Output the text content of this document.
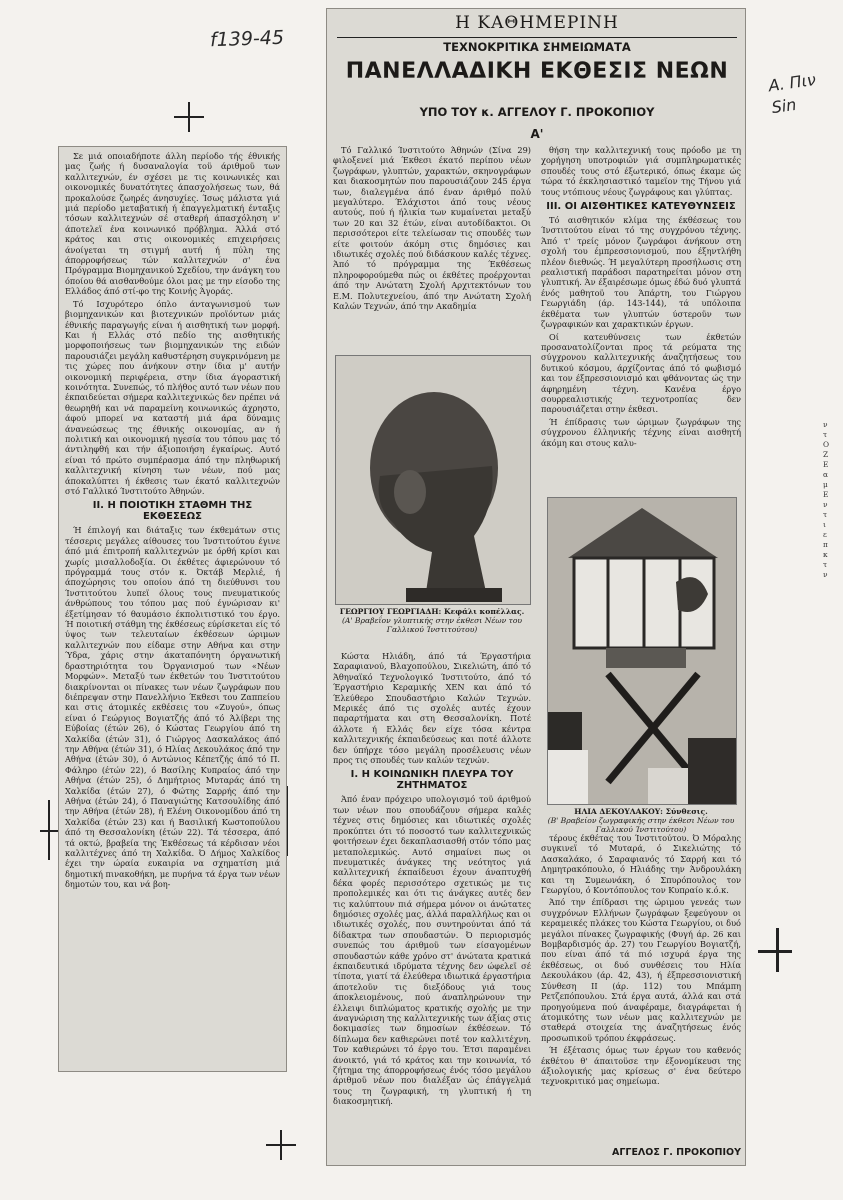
f139-45
Α. Πιν
Sin

Σε μιά οποιαδήποτε άλλη περίοδο τής έθνικής μας ζωής ή δυσαναλογία τοϋ άριθμοϋ των καλλιτεχνών, έν σχέσει με τις κοινωνικές και οικονομικές δυνατότητες άπασχολήσεως των, θά προκαλούσε ζωηρές άνησυχίες. Ίσως μάλιστα γιά μιά περίοδο μεταβατική ή έπαγγελματική ένταξις τόσων καλλιτεχνών σέ σταθερή άπασχόληση ν' άποτελεϊ ένα κοινωνικό πρόβλημα. Άλλά στό κράτος και στις οικονομικές επιχειρήσεις άνοίγεται τη στιγμή αυτή ή πύλη της άπορροφήσεως τών καλλιτεχνών σ' ένα Πρόγραμμα Βιομηχανικού Σχεδίου, την άνάγκη του όποίου θά αισθανθούμε όλοι μας με την είσοδο της Ελλάδος άπό στί-φο της Κοινής Άγοράς.

Τό Ισχυρότερο όπλο άνταγωνισμού των βιομηχανικών και βιοτεχνικών προϊόντων μιάς έθνικής παραγωγής είναι ή αισθητική των μορφή. Και ή Ελλάς στό πεδίο της αισθητικής μορφοποιήσεως των βιομηχανικών της ειδών παρουσιάζει μεγάλη καθυστέρηση συγκρινόμενη με τις χώρες που άνήκουν στην ίδια μ' αυτήν οικονομική περιφέρεια, στην ίδια άγοραστική κοινότητα. Συνεπώς, τό πλήθος αυτό των νέων που έκπαιδεύεται σήμερα καλλιτεχνικώς δεν πρέπει νά θεωρηθή και νά παραμείνη κοινωνικώς άχρηστο, άφού μπορεί να καταστή μιά άρα δύναμις άνανεώσεως της έθνικής οικονομίας, αν ή πολιτική και οικονομική ηγεσία του τόπου μας τό άντιληφθή και τήν άξιοποιήση έγκαίρως. Αυτό είναι τό πρώτο συμπέρασμα άπό την πληθωρική καλλιτεχνική κίνηση των νέων, πού μας άποκαλύπτει ή έκθεσις των έκατό καλλιτεχνών στό Γαλλικό Ίνστιτούτο Άθηνών.

ΙΙ. Η ΠΟΙΟΤΙΚΗ ΣΤΑΘΜΗ ΤΗΣ ΕΚΘΕΣΕΩΣ

Ή έπιλογή και διάταξις των έκθεμάτων στις τέσσερις μεγάλες αίθουσες του Ίνστιτούτου έγινε άπό μιά έπιτροπή καλλιτεχνών με όρθή κρίσι και χωρίς μισαλλοδοξία. Οι έκθέτες άφιερώνουν τό πρόγραμμά τους στόν κ. Όκτάβ Μερλιέ, ή άποχώρησις του οποίου άπό τη διεύθυνσι του Ίνστιτούτου λυπεϊ όλους τους πνευματικούς άνθρώπους του τόπου μας πού έγνώρισαν κι' έξετίμησαν τό θαυμάσιο έκπολιτιστικό του έργο. Ή ποιοτική στάθμη της έκθέσεως εύρίσκεται είς τό ύψος των τελευταίων έκθέσεων ώριμων καλλιτεχνών που είδαμε στην Αθήνα και στην Ύδρα, χάρις στην άκαταπόνητη όργανωτική δραστηριότητα του Όργανισμού των «Νέων Μορφών». Μεταξύ των έκθετών του Ίνστιτούτου διακρίνονται οι πίνακες των νέων ζωγράφων που διέπρεψαν στην Πανελλήνιο Έκθεσι του Ζαππείου και στις άτομικές εκθέσεις του «Ζυγού», όπως είναι ό Γεώργιος Βογιατζής άπό τό Άλίβερι της Εύβοίας (έτών 26), ό Κώστας Γεωργίου άπό τη Χαλκίδα (έτών 31), ό Γιώργος Δασκαλάκος άπό την Αθήνα (έτών 31), ό Ηλίας Δεκουλάκος άπό την Αθήνα (έτών 30), ό Αντώνιος Κέπετζής άπό τό Π. Φάληρο (έτών 22), ό Βασίλης Κυπραίος άπό την Αθήνα (έτών 25), ό Δημήτριος Μυταράς άπό τη Χαλκίδα (έτών 27), ό Φώτης Σαρρής άπό την Αθήνα (έτών 24), ό Παναγιώτης Κατσουλίδης άπό την Αθήνα (έτών 28), ή Ελένη Οικονομίδου άπό τη Χαλκίδα (έτών 23) και ή Βασιλική Κωστοπούλου άπό τη Θεσσαλονίκη (έτών 22). Τά τέσσερα, άπό τά οκτώ, βραβεία της Έκθέσεως τά κέρδισαν νέοι καλλιτέχνες άπό τη Χαλκίδα. Ό Δήμος Χαλκίδος έχει την ώραία ευκαιρία να σχηματίση μιά δημοτική πινακοθήκη, με πυρήνα τά έργα των νέων δημοτών του, και νά βοη-

Η ΚΑΘΗΜΕΡΙΝΗ
ΤΕΧΝΟΚΡΙΤΙΚΑ ΣΗΜΕΙΩΜΑΤΑ
ΠΑΝΕΛΛΑΔΙΚΗ ΕΚΘΕΣΙΣ ΝΕΩΝ
ΥΠΟ ΤΟΥ κ. ΑΓΓΕΛΟΥ Γ. ΠΡΟΚΟΠΙΟΥ
Α'

Τό Γαλλικό Ίνστιτούτο Άθηνών (Σίνα 29) φιλοξενεί μιά Έκθεσι έκατό περίπου νέων ζωγράφων, γλυπτών, χαρακτών, σκηνογράφων και διακοσμητών που παρουσιάζουν 245 έργα των, διαλεγμένα άπό έναν άριθμό πολύ μεγαλύτερο. Έλάχιστοι άπό τους νέους αυτούς, πού ή ήλικία των κυμαίνεται μεταξύ των 20 και 32 έτών, είναι αυτοδίδακτοι. Οι περισσότεροι είτε τελείωσαν τις σπουδές των είτε φοιτούν άκόμη στις δημόσιες και ιδιωτικές σχολές πού διδάσκουν καλές τέχνες. Άπό τό πρόγραμμα της Έκθέσεως πληροφορούμεθα πώς οι έκθέτες προέρχονται άπό την Ανώτατη Σχολή Αρχιτεκτόνων του Ε.Μ. Πολυτεχνείου, άπό την Ανώτατη Σχολή Καλών Τεχνών, άπό την Ακαδημία

ΓΕΩΡΓΙΟΥ ΓΕΩΡΓΙΑΔΗ: Κεφάλι κοπέλλας.
(Α' Βραβεΐον γλυπτικής στην έκθεσι Νέων του Γαλλικού Ίνστιτούτου)

Κώστα Ηλιάδη, άπό τά Έργαστήρια Σαραφιανού, Βλαχοπούλου, Σικελιώτη, άπό τό Άθηναϊκό Τεχνολογικό Ίνστιτούτο, άπό τό Έργαστήριο Κεραμικής ΧΕΝ και άπό τό Έλεύθερο Σπουδαστήριο Καλών Τεχνών. Μερικές άπό τις σχολές αυτές έχουν παραρτήματα και στη Θεσσαλονίκη. Ποτέ άλλοτε ή Ελλάς δεν είχε τόσα κέντρα καλλιτεχνικής έκπαιδεύσεως και ποτέ άλλοτε δεν ύπήρχε τόσο μεγάλη προσέλευσις νέων προς τις σπουδές των καλών τεχνών.

Ι. Η ΚΟΙΝΩΝΙΚΗ ΠΛΕΥΡΑ ΤΟΥ ΖΗΤΗΜΑΤΟΣ

Άπό έναν πρόχειρο υπολογισμό τοϋ άριθμού των νέων που σπουδάζουν σήμερα καλές τέχνες στις δημόσιες και ιδιωτικές σχολές προκύπτει ότι τό ποσοστό των καλλιτεχνικώς φοιτήσεων έχει δεκαπλασιασθή στόν τόπο μας μεταπολεμικώς. Αυτό σημαίνει πως οι πνευματικές άνάγκες της νεότητος γιά καλλιτεχνική έκπαίδευσι έχουν άναπτυχθή δέκα φορές περισσότερο σχετικώς με τις προπολεμικές και ότι τις άνάγκες αυτές δεν τις καλύπτουν πιά σήμερα μόνον οι άνώτατες δημόσιες σχολές μας, άλλά παραλλήλως και οι ιδιωτικές σχολές, που συντηρούνται άπό τά δίδακτρα των σπουδαστών. Ό περιορισμός συνεπώς του άριθμοϋ των είσαγομένων σπουδαστών κάθε χρόνο στ' άνώτατα κρατικά έκπαιδευτικά ιδρύματα τέχνης δεν ώφελεϊ σέ τίποτα, γιατί τά έλεύθερα ιδιωτικά έργαστήρια άποτελοϋν τις διεξόδους γιά τους άποκλειομένους, πού άναπληρώνουν την έλλειψι διπλώματος κρατικής σχολής με την άναγνώριση της καλλιτεχνικής των άξίας στις δοκιμασίες των δημοσίων έκθέσεων. Τό δίπλωμα δεν καθιερώνει ποτέ τον καλλιτέχνη. Τον καθιερώνει τό έργο του. Έτσι παραμένει άνοικτό, γιά τό κράτος και την κοινωνία, τό ζήτημα της άπορροφήσεως ένός τόσο μεγάλου άριθμοϋ νέων που διαλέξαν ώς έπάγγελμά τους τη ζωγραφική, τη γλυπτική ή τη διακοσμητική.

θήση την καλλιτεχνική τους πρόοδο με τη χορήγηση υποτροφιών γιά συμπληρωματικές σπουδές τους στό έξωτερικό, όπως έκαμε ώς τώρα τό έκκλησιαστικό ταμεϊον της Τήνου γιά τους ντόπιους νέους ζωγράφους και γλύπτας.

ΙΙΙ. ΟΙ ΑΙΣΘΗΤΙΚΕΣ ΚΑΤΕΥΘΥΝΣΕΙΣ

Τό αισθητικόν κλίμα της έκθέσεως του Ίνστιτούτου είναι τό της συγχρόνου τέχνης. Άπό τ' τρείς μόνον ζωγράφοι άνήκουν στη σχολή του έμπρεσσιονισμού, που έξηντλήθη πλέον διεθνώς. Ή μεγαλύτερη προσήλωσις στη ρεαλιστική παράδοσι παρατηρείται μόνον στη γλυπτική. Άν έξαιρέσωμε όμως έδώ δυό γλυπτά ένός μαθητοϋ του Άπάρτη, του Γιώργου Γεωργιάδη (άρ. 143-144), τά υπόλοιπα έκθέματα των γλυπτών ύστεροϋν των ζωγραφικών και χαρακτικών έργων.

Οί κατευθύνσεις των έκθετών προσανατολίζονται προς τά ρεύματα της σύγχρονου καλλιτεχνικής άναζητήσεως του δυτικού κόσμου, άρχίζοντας άπό τό φωβισμό και τον έξπρεσσιονισμό και φθάνοντας ώς την άφηρημένη τέχνη. Κανένα έργο σουρρεαλιστικής τεχνοτροπίας δεν παρουσιάζεται στην έκθεσι.

Ή έπίδρασις των ώριμων ζωγράφων της σύγχρονου έλληνικής τέχνης είναι αισθητή άκόμη και στους καλυ-

ΗΛΙΑ ΔΕΚΟΥΛΑΚΟΥ: Σύνθεσις.
(Β' Βραβείον ζωγραφικής στην έκθεσι Νέων του Γαλλικού Ίνστιτούτου)

τέρους έκθέτας του Ίνστιτούτου. Ό Μόραλης συγκινεϊ τό Μυταρά, ό Σικελιώτης τό Δασκαλάκο, ό Σαραφιανός τό Σαρρή και τό Δημητρακόπουλο, ό Ηλιάδης την Άνδρουλάκη και τη Συμεωνάκη, ό Σπυρόπουλος τον Γεωργίου, ό Κοντόπουλος τον Κυπραίο κ.ό.κ.

Άπό την έπίδρασι της ώριμου γενεάς των συγχρόνων Ελλήνων ζωγράφων ξεφεύγουν οι κεραμεικές πλάκες του Κώστα Γεωργίου, οι δυό μεγάλοι πίνακες ζωγραφικής (Φυγή άρ. 26 και Βομβαρδισμός άρ. 27) του Γεωργίου Βογιατζή, που είναι άπό τά πιό ισχυρά έργα της έκθέσεως, οι δυό συνθέσεις του Ηλία Δεκουλάκου (άρ. 42, 43), ή έξπρεσσιονιστική Σύνθεση ΙΙ (άρ. 112) του Μπάμπη Ρετζεπόπουλου. Στά έργα αυτά, άλλά και στά προηγούμενα πού άναφέραμε, διαγράφεται ή άτομικότης των νέων μας καλλιτεχνών με σταθερά στοιχεία της άναζητήσεως ένός προσωπικοϋ τρόπου έκφράσεως.

Ή έξέτασις όμως των έργων του καθενός έκθέτου θ' άπαιτοϋσε την έξονομίκευσι της άξιολογικής μας κρίσεως σ' ένα δεύτερο τεχνοκριτικό μας σημείωμα.

ΑΓΓΕΛΟΣ Γ. ΠΡΟΚΟΠΙΟΥ
ν
τ
Ο
Ζ
Ε
α
μ
Ε
ν
τ
ι
ε
π
κ
τ
ν
